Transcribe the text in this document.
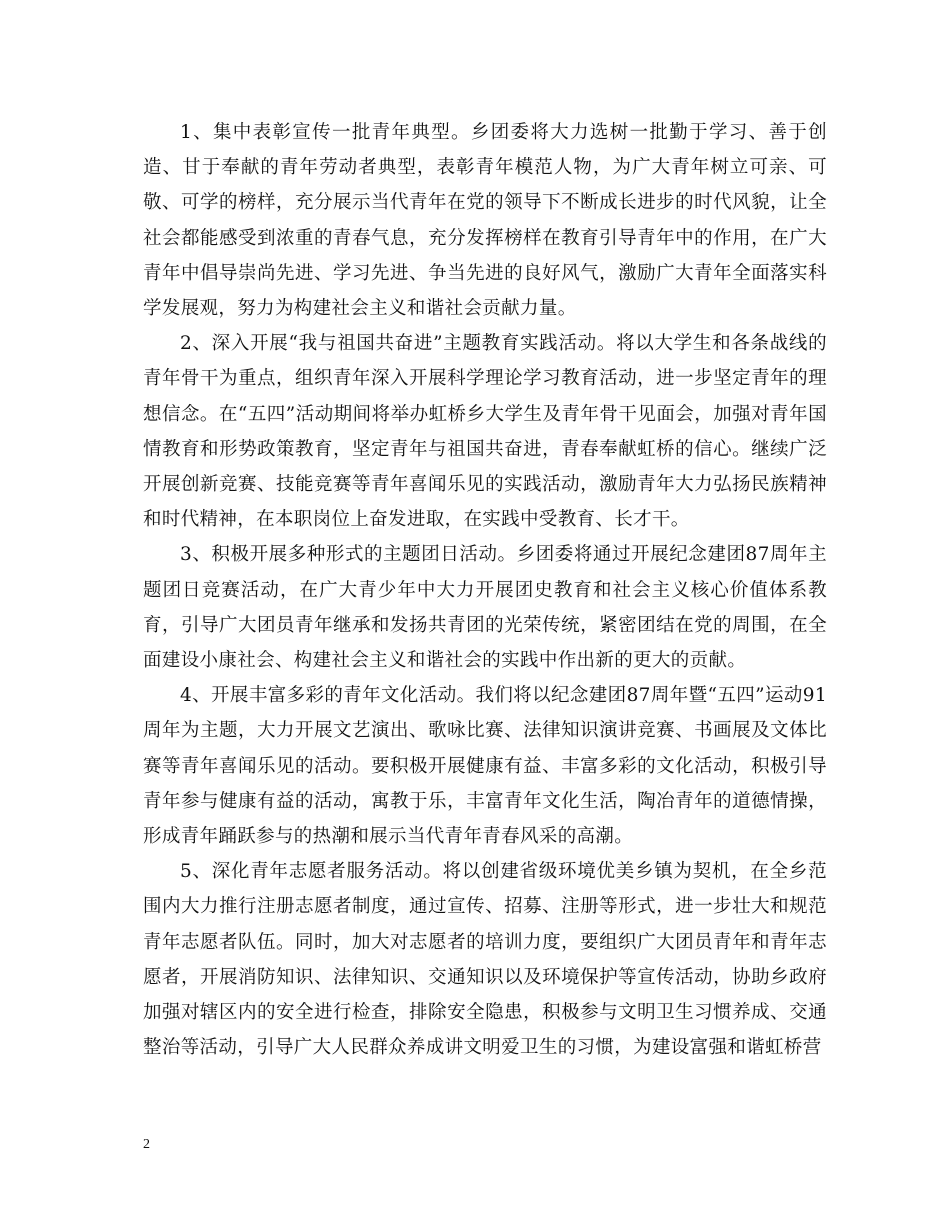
1、集中表彰宣传一批青年典型。乡团委将大力选树一批勤于学习、善于创造、甘于奉献的青年劳动者典型，表彰青年模范人物，为广大青年树立可亲、可敬、可学的榜样，充分展示当代青年在党的领导下不断成长进步的时代风貌，让全社会都能感受到浓重的青春气息，充分发挥榜样在教育引导青年中的作用，在广大青年中倡导崇尚先进、学习先进、争当先进的良好风气，激励广大青年全面落实科学发展观，努力为构建社会主义和谐社会贡献力量。

2、深入开展“我与祖国共奋进”主题教育实践活动。将以大学生和各条战线的青年骨干为重点，组织青年深入开展科学理论学习教育活动，进一步坚定青年的理想信念。在“五四”活动期间将举办虹桥乡大学生及青年骨干见面会，加强对青年国情教育和形势政策教育，坚定青年与祖国共奋进，青春奉献虹桥的信心。继续广泛开展创新竞赛、技能竞赛等青年喜闻乐见的实践活动，激励青年大力弘扬民族精神和时代精神，在本职岗位上奋发进取，在实践中受教育、长才干。

3、积极开展多种形式的主题团日活动。乡团委将通过开展纪念建团87周年主题团日竞赛活动，在广大青少年中大力开展团史教育和社会主义核心价值体系教育，引导广大团员青年继承和发扬共青团的光荣传统，紧密团结在党的周围，在全面建设小康社会、构建社会主义和谐社会的实践中作出新的更大的贡献。

4、开展丰富多彩的青年文化活动。我们将以纪念建团87周年暨“五四”运动91周年为主题，大力开展文艺演出、歌咏比赛、法律知识演讲竞赛、书画展及文体比赛等青年喜闻乐见的活动。要积极开展健康有益、丰富多彩的文化活动，积极引导青年参与健康有益的活动，寓教于乐，丰富青年文化生活，陶冶青年的道德情操，形成青年踊跃参与的热潮和展示当代青年青春风采的高潮。

5、深化青年志愿者服务活动。将以创建省级环境优美乡镇为契机，在全乡范围内大力推行注册志愿者制度，通过宣传、招募、注册等形式，进一步壮大和规范青年志愿者队伍。同时，加大对志愿者的培训力度，要组织广大团员青年和青年志愿者，开展消防知识、法律知识、交通知识以及环境保护等宣传活动，协助乡政府加强对辖区内的安全进行检查，排除安全隐患，积极参与文明卫生习惯养成、交通整治等活动，引导广大人民群众养成讲文明爱卫生的习惯，为建设富强和谐虹桥营

2
